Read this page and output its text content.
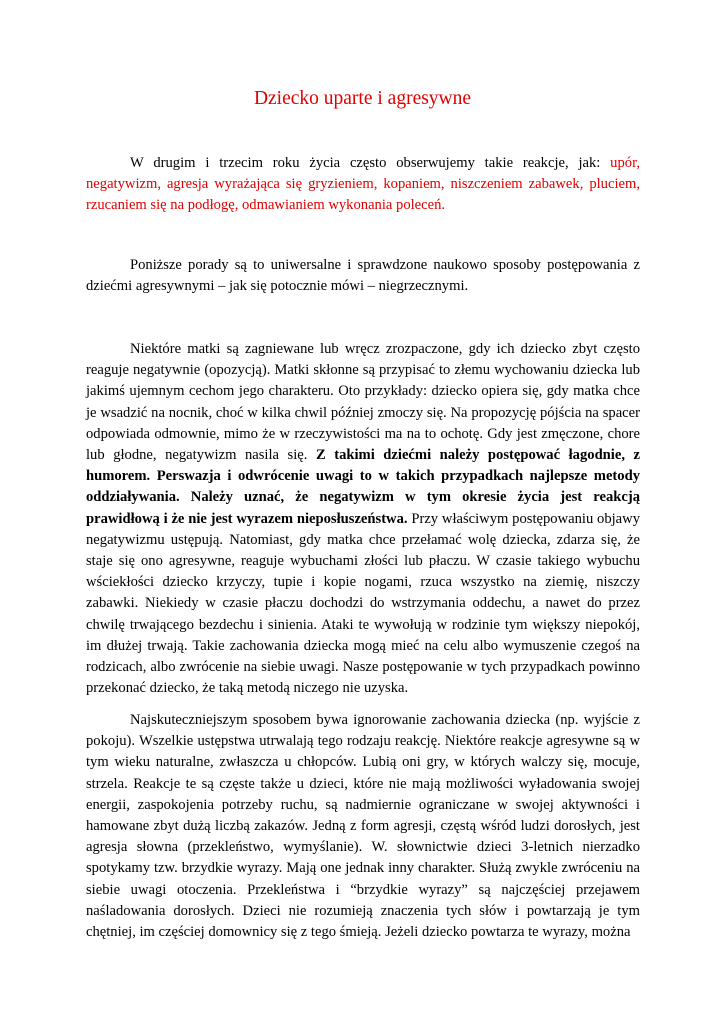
Dziecko uparte i agresywne

W drugim i trzecim roku życia często obserwujemy takie reakcje, jak: upór, negatywizm, agresja wyrażająca się gryzieniem, kopaniem, niszczeniem zabawek, pluciem, rzucaniem się na podłogę, odmawianiem wykonania poleceń.

Poniższe porady są to uniwersalne i sprawdzone naukowo sposoby postępowania z dziećmi agresywnymi – jak się potocznie mówi – niegrzecznymi.

Niektóre matki są zagniewane lub wręcz zrozpaczone, gdy ich dziecko zbyt często reaguje negatywnie (opozycją). Matki skłonne są przypisać to złemu wychowaniu dziecka lub jakimś ujemnym cechom jego charakteru. Oto przykłady: dziecko opiera się, gdy matka chce je wsadzić na nocnik, choć w kilka chwil później zmoczy się. Na propozycję pójścia na spacer odpowiada odmownie, mimo że w rzeczywistości ma na to ochotę. Gdy jest zmęczone, chore lub głodne, negatywizm nasila się. Z takimi dziećmi należy postępować łagodnie, z humorem. Perswazja i odwrócenie uwagi to w takich przypadkach najlepsze metody oddziaływania. Należy uznać, że negatywizm w tym okresie życia jest reakcją prawidłową i że nie jest wyrazem nieposłuszeństwa. Przy właściwym postępowaniu objawy negatywizmu ustępują. Natomiast, gdy matka chce przełamać wolę dziecka, zdarza się, że staje się ono agresywne, reaguje wybuchami złości lub płaczu. W czasie takiego wybuchu wściekłości dziecko krzyczy, tupie i kopie nogami, rzuca wszystko na ziemię, niszczy zabawki. Niekiedy w czasie płaczu dochodzi do wstrzymania oddechu, a nawet do przez chwilę trwającego bezdechu i sinienia. Ataki te wywołują w rodzinie tym większy niepokój, im dłużej trwają. Takie zachowania dziecka mogą mieć na celu albo wymuszenie czegoś na rodzicach, albo zwrócenie na siebie uwagi. Nasze postępowanie w tych przypadkach powinno przekonać dziecko, że taką metodą niczego nie uzyska.

Najskuteczniejszym sposobem bywa ignorowanie zachowania dziecka (np. wyjście z pokoju). Wszelkie ustępstwa utrwalają tego rodzaju reakcję. Niektóre reakcje agresywne są w tym wieku naturalne, zwłaszcza u chłopców. Lubią oni gry, w których walczy się, mocuje, strzela. Reakcje te są częste także u dzieci, które nie mają możliwości wyładowania swojej energii, zaspokojenia potrzeby ruchu, są nadmiernie ograniczane w swojej aktywności i hamowane zbyt dużą liczbą zakazów. Jedną z form agresji, częstą wśród ludzi dorosłych, jest agresja słowna (przekleństwo, wymyślanie). W. słownictwie dzieci 3-letnich nierzadko spotykamy tzw. brzydkie wyrazy. Mają one jednak inny charakter. Służą zwykle zwróceniu na siebie uwagi otoczenia. Przekleństwa i “brzydkie wyrazy” są najczęściej przejawem naśladowania dorosłych. Dzieci nie rozumieją znaczenia tych słów i powtarzają je tym chętniej, im częściej domownicy się z tego śmieją. Jeżeli dziecko powtarza te wyrazy, można
